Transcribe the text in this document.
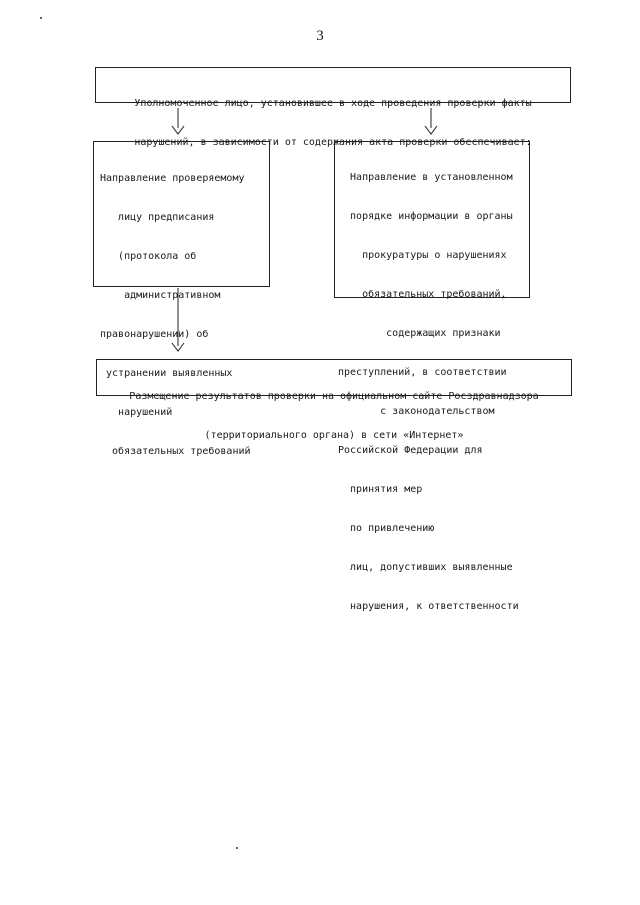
3

Уполномоченное лицо, установившее в ходе проведения проверки факты

нарушений, в зависимости от содержания акта проверки обеспечивает:

Направление проверяемому

лицу предписания

(протокола об

административном

правонарушении) об

устранении выявленных

нарушений

обязательных требований

Направление в установленном

порядке информации в органы

прокуратуры о нарушениях

обязательных требований,

содержащих признаки

преступлений, в соответствии

с законодательством

Российской Федерации для

принятия мер

по привлечению

лиц, допустивших выявленные

нарушения, к ответственности

Размещение результатов проверки на официальном сайте Росздравнадзора

(территориального органа) в сети «Интернет»
